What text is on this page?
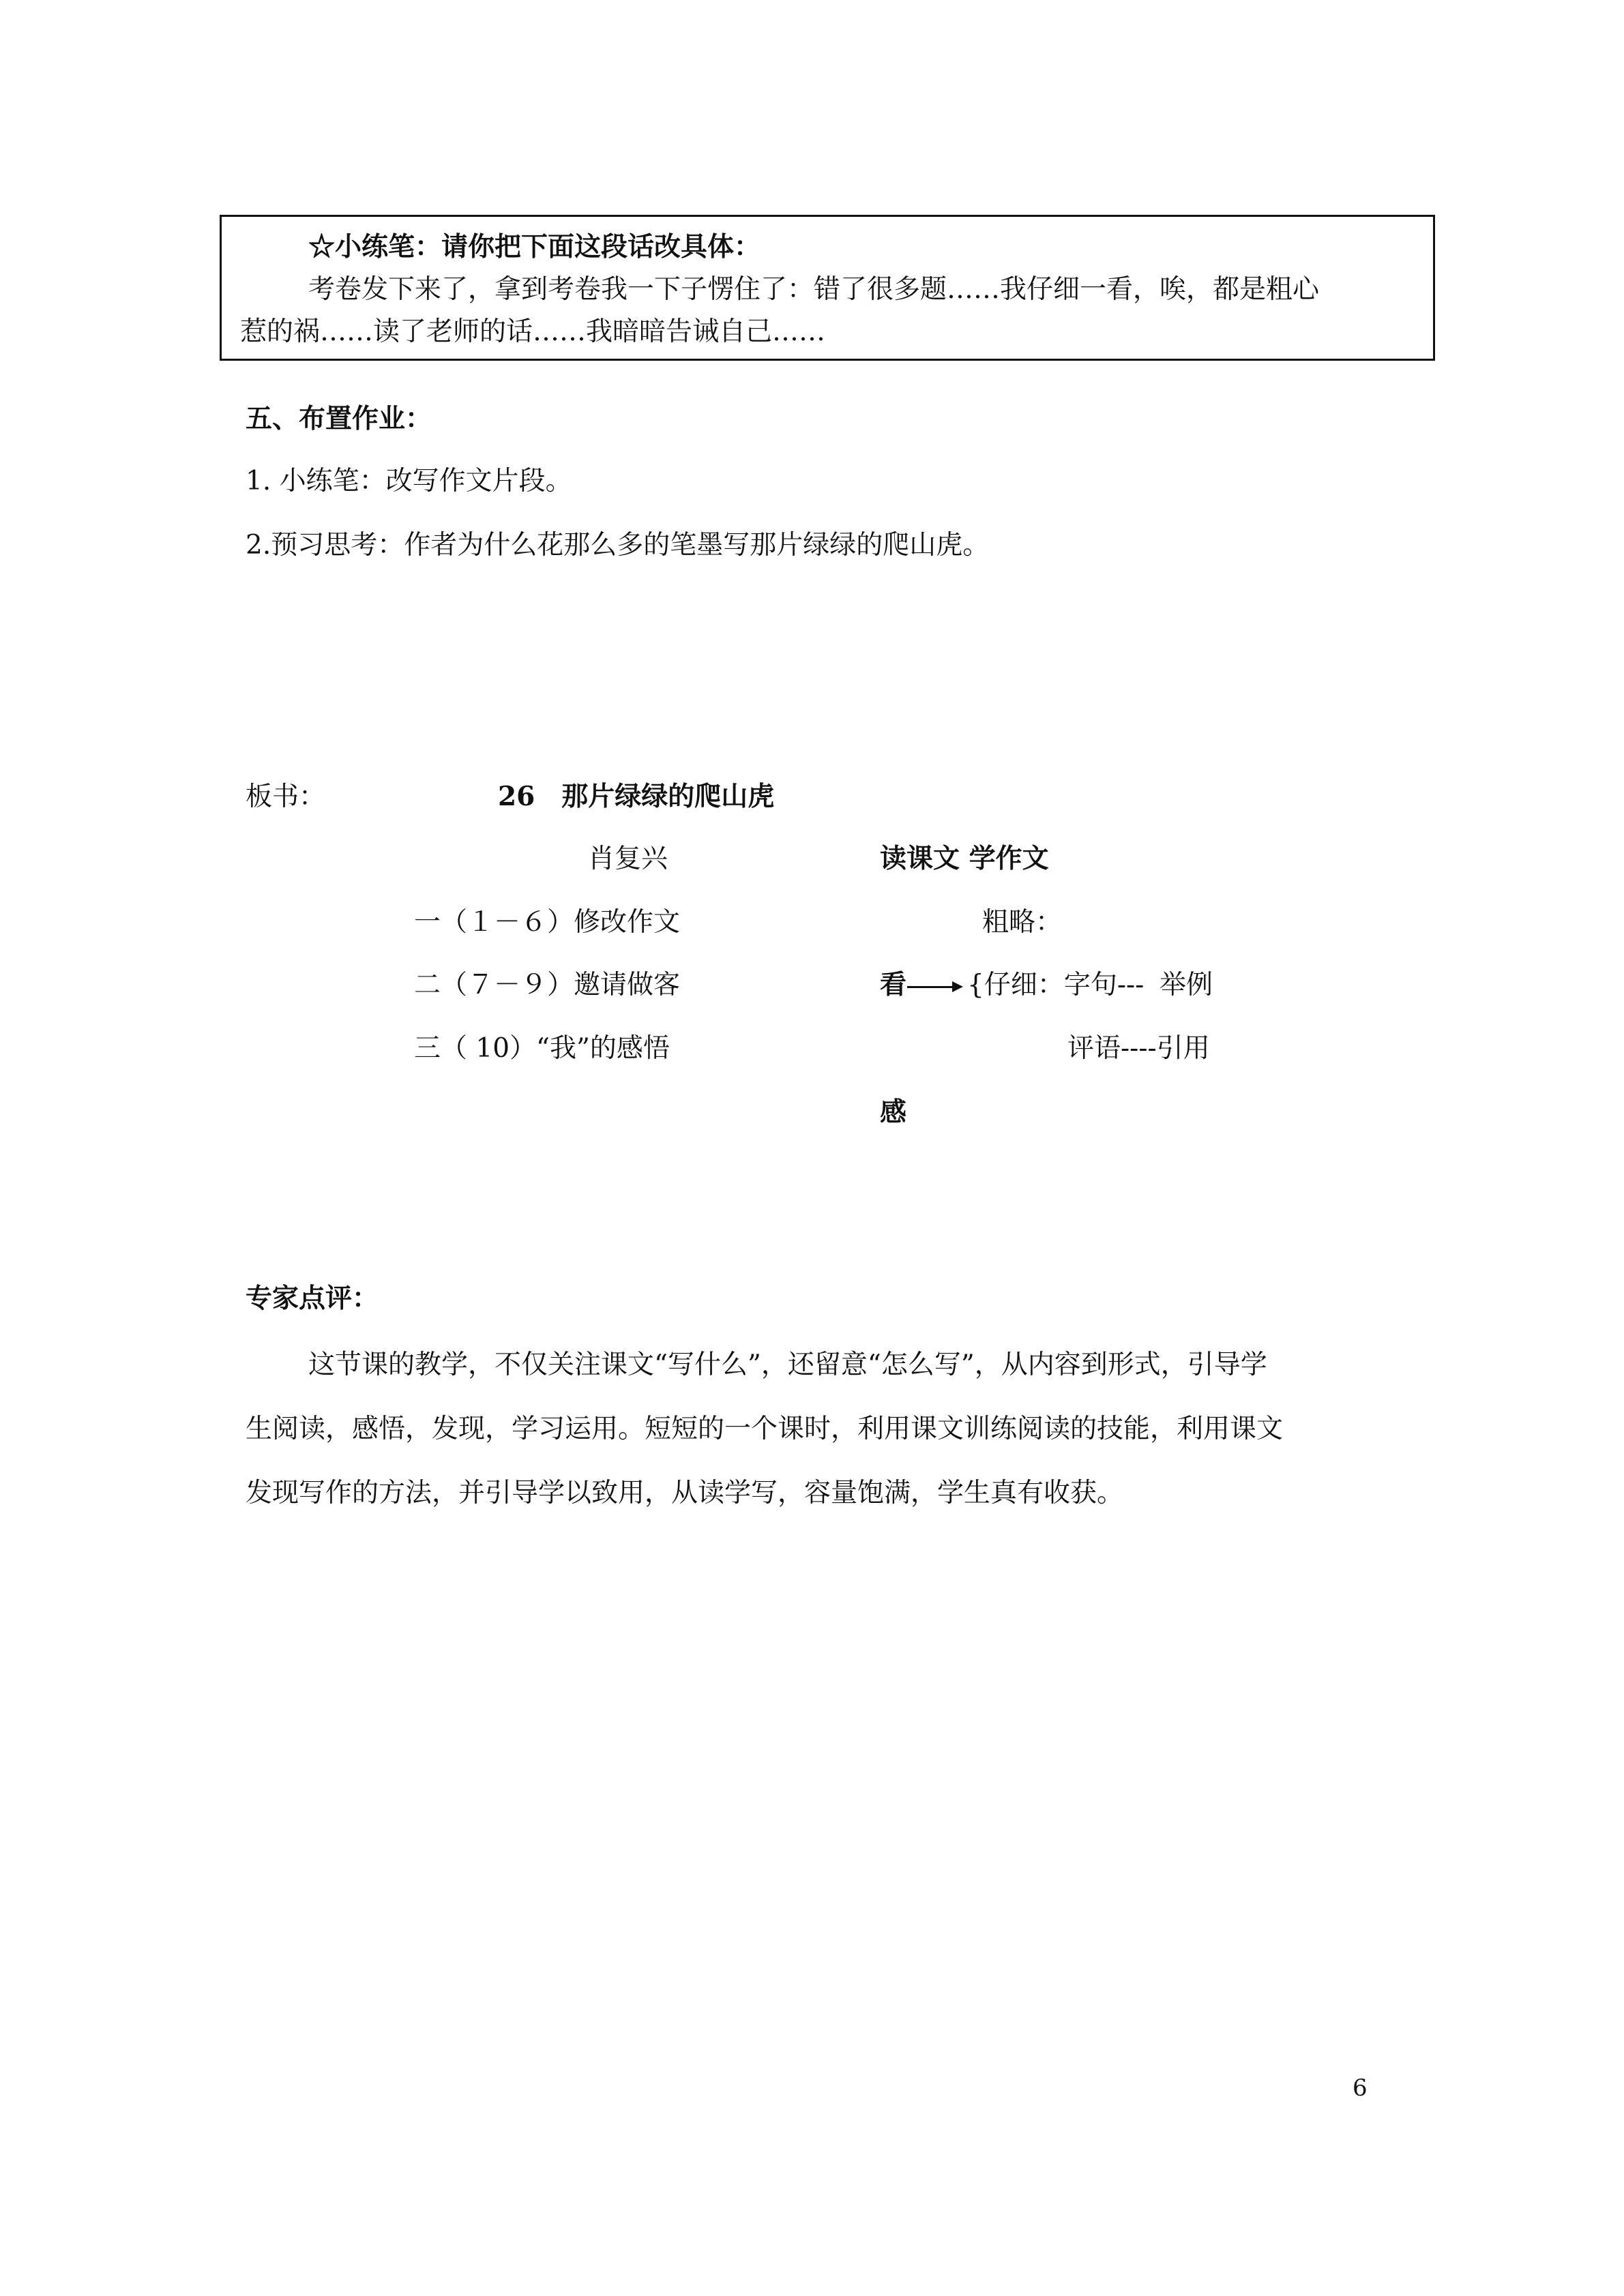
☆小练笔：请你把下面这段话改具体：
考卷发下来了，拿到考卷我一下子愣住了：错了很多题……我仔细一看，唉，都是粗心
惹的祸……读了老师的话……我暗暗告诫自己……
五、布置作业：
1. 小练笔：改写作文片段。
2.预习思考：作者为什么花那么多的笔墨写那片绿绿的爬山虎。
板书：	26　那片绿绿的爬山虎
肖复兴
一（１－６）修改作文
二（７－９）邀请做客
三（ 10）“我”的感悟
读课文 学作文
粗略：
看 {仔细：字句--- 举例
评语----引用
感
专家点评：
这节课的教学，不仅关注课文“写什么”，还留意“怎么写”，从内容到形式，引导学
生阅读，感悟，发现，学习运用。短短的一个课时，利用课文训练阅读的技能，利用课文
发现写作的方法，并引导学以致用，从读学写，容量饱满，学生真有收获。
6
